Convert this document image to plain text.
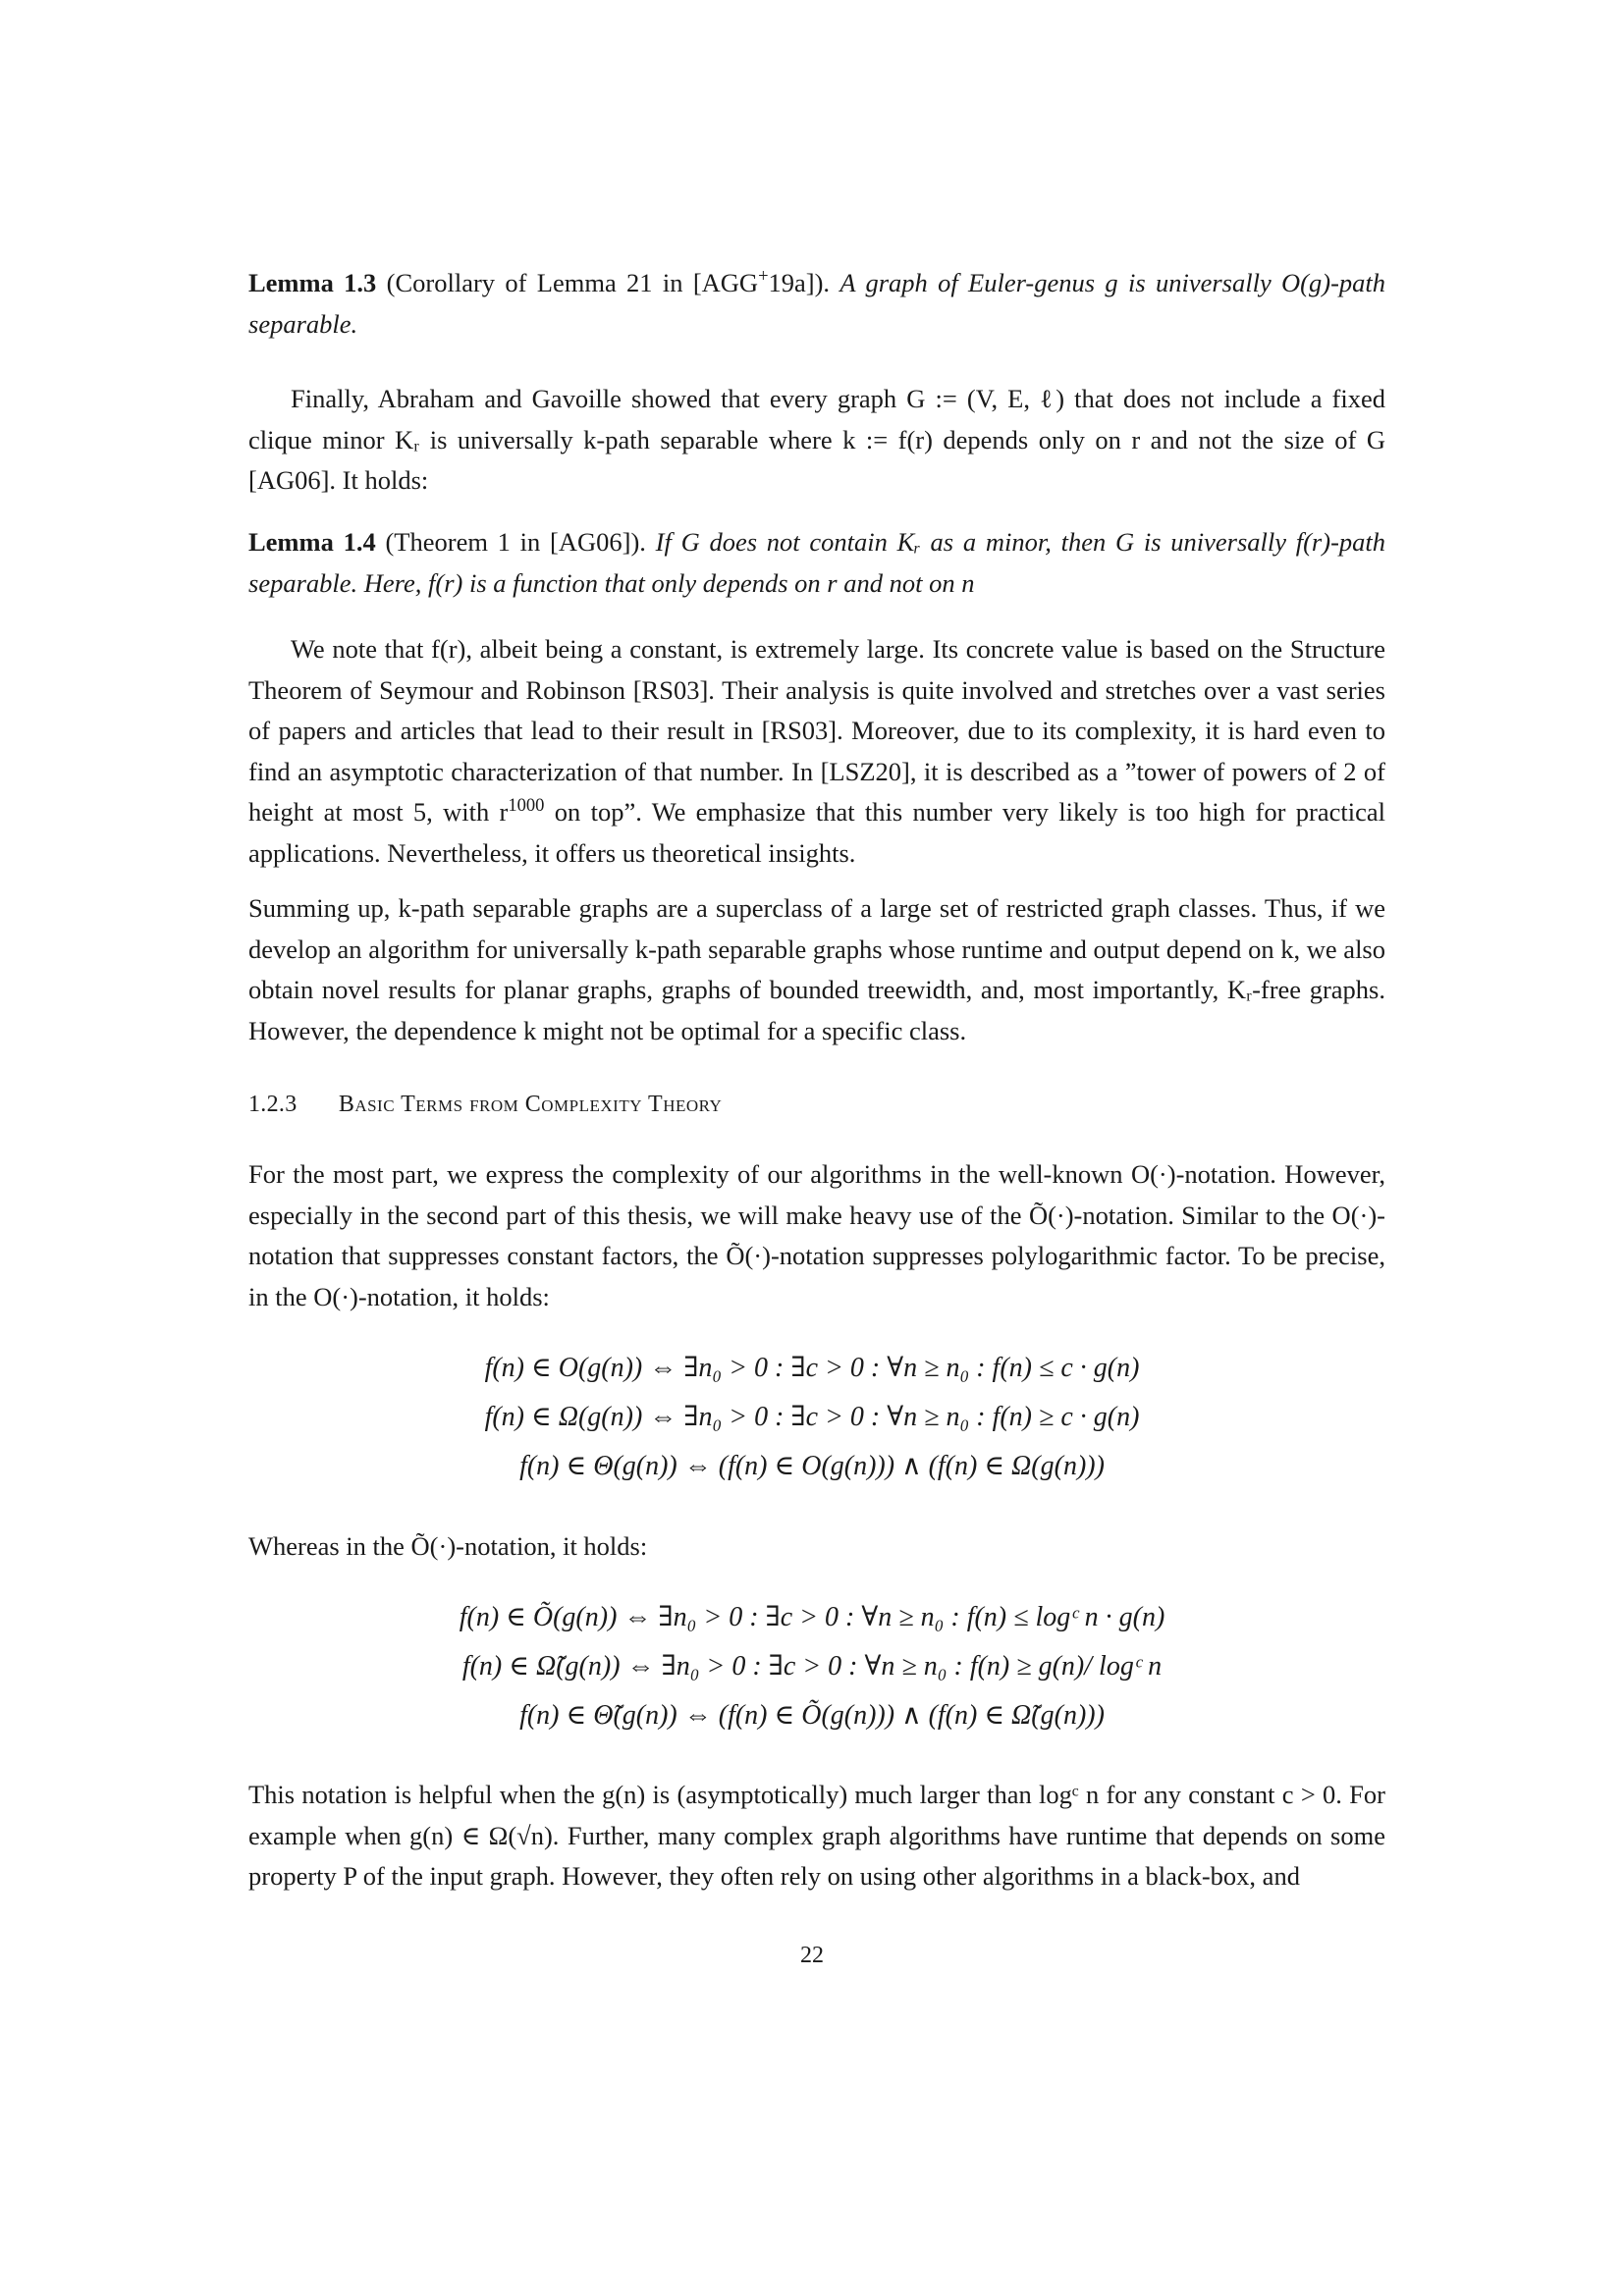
Lemma 1.3 (Corollary of Lemma 21 in [AGG+19a]). A graph of Euler-genus g is universally O(g)-path separable.
Finally, Abraham and Gavoille showed that every graph G := (V, E, ℓ) that does not include a fixed clique minor Kᵣ is universally k-path separable where k := f(r) depends only on r and not the size of G [AG06]. It holds:
Lemma 1.4 (Theorem 1 in [AG06]). If G does not contain Kᵣ as a minor, then G is universally f(r)-path separable. Here, f(r) is a function that only depends on r and not on n
We note that f(r), albeit being a constant, is extremely large. Its concrete value is based on the Structure Theorem of Seymour and Robinson [RS03]. Their analysis is quite involved and stretches over a vast series of papers and articles that lead to their result in [RS03]. Moreover, due to its complexity, it is hard even to find an asymptotic characterization of that number. In [LSZ20], it is described as a ”tower of powers of 2 of height at most 5, with $r^{1000}$ on top”. We emphasize that this number very likely is too high for practical applications. Nevertheless, it offers us theoretical insights.
Summing up, k-path separable graphs are a superclass of a large set of restricted graph classes. Thus, if we develop an algorithm for universally k-path separable graphs whose runtime and output depend on k, we also obtain novel results for planar graphs, graphs of bounded treewidth, and, most importantly, Kᵣ-free graphs. However, the dependence k might not be optimal for a specific class.
1.2.3 Basic Terms from Complexity Theory
For the most part, we express the complexity of our algorithms in the well-known O(·)-notation. However, especially in the second part of this thesis, we will make heavy use of the Õ(·)-notation. Similar to the O(·)-notation that suppresses constant factors, the Õ(·)-notation suppresses polylogarithmic factor. To be precise, in the O(·)-notation, it holds:
f(n) ∈ O(g(n)) ⇔ ∃n₀ > 0 : ∃c > 0 : ∀n ≥ n₀ : f(n) ≤ c · g(n)
f(n) ∈ Ω(g(n)) ⇔ ∃n₀ > 0 : ∃c > 0 : ∀n ≥ n₀ : f(n) ≥ c · g(n)
f(n) ∈ Θ(g(n)) ⇔ (f(n) ∈ O(g(n))) ∧ (f(n) ∈ Ω(g(n)))
Whereas in the Õ(·)-notation, it holds:
f(n) ∈ Õ(g(n)) ⇔ ∃n₀ > 0 : ∃c > 0 : ∀n ≥ n₀ : f(n) ≤ logᶜ n · g(n)
f(n) ∈ Ω̃(g(n)) ⇔ ∃n₀ > 0 : ∃c > 0 : ∀n ≥ n₀ : f(n) ≥ g(n)/ logᶜ n
f(n) ∈ Θ̃(g(n)) ⇔ (f(n) ∈ Õ(g(n))) ∧ (f(n) ∈ Ω̃(g(n)))
This notation is helpful when the g(n) is (asymptotically) much larger than logᶜ n for any constant c > 0. For example when g(n) ∈ Ω(√n). Further, many complex graph algorithms have runtime that depends on some property P of the input graph. However, they often rely on using other algorithms in a black-box, and
22
